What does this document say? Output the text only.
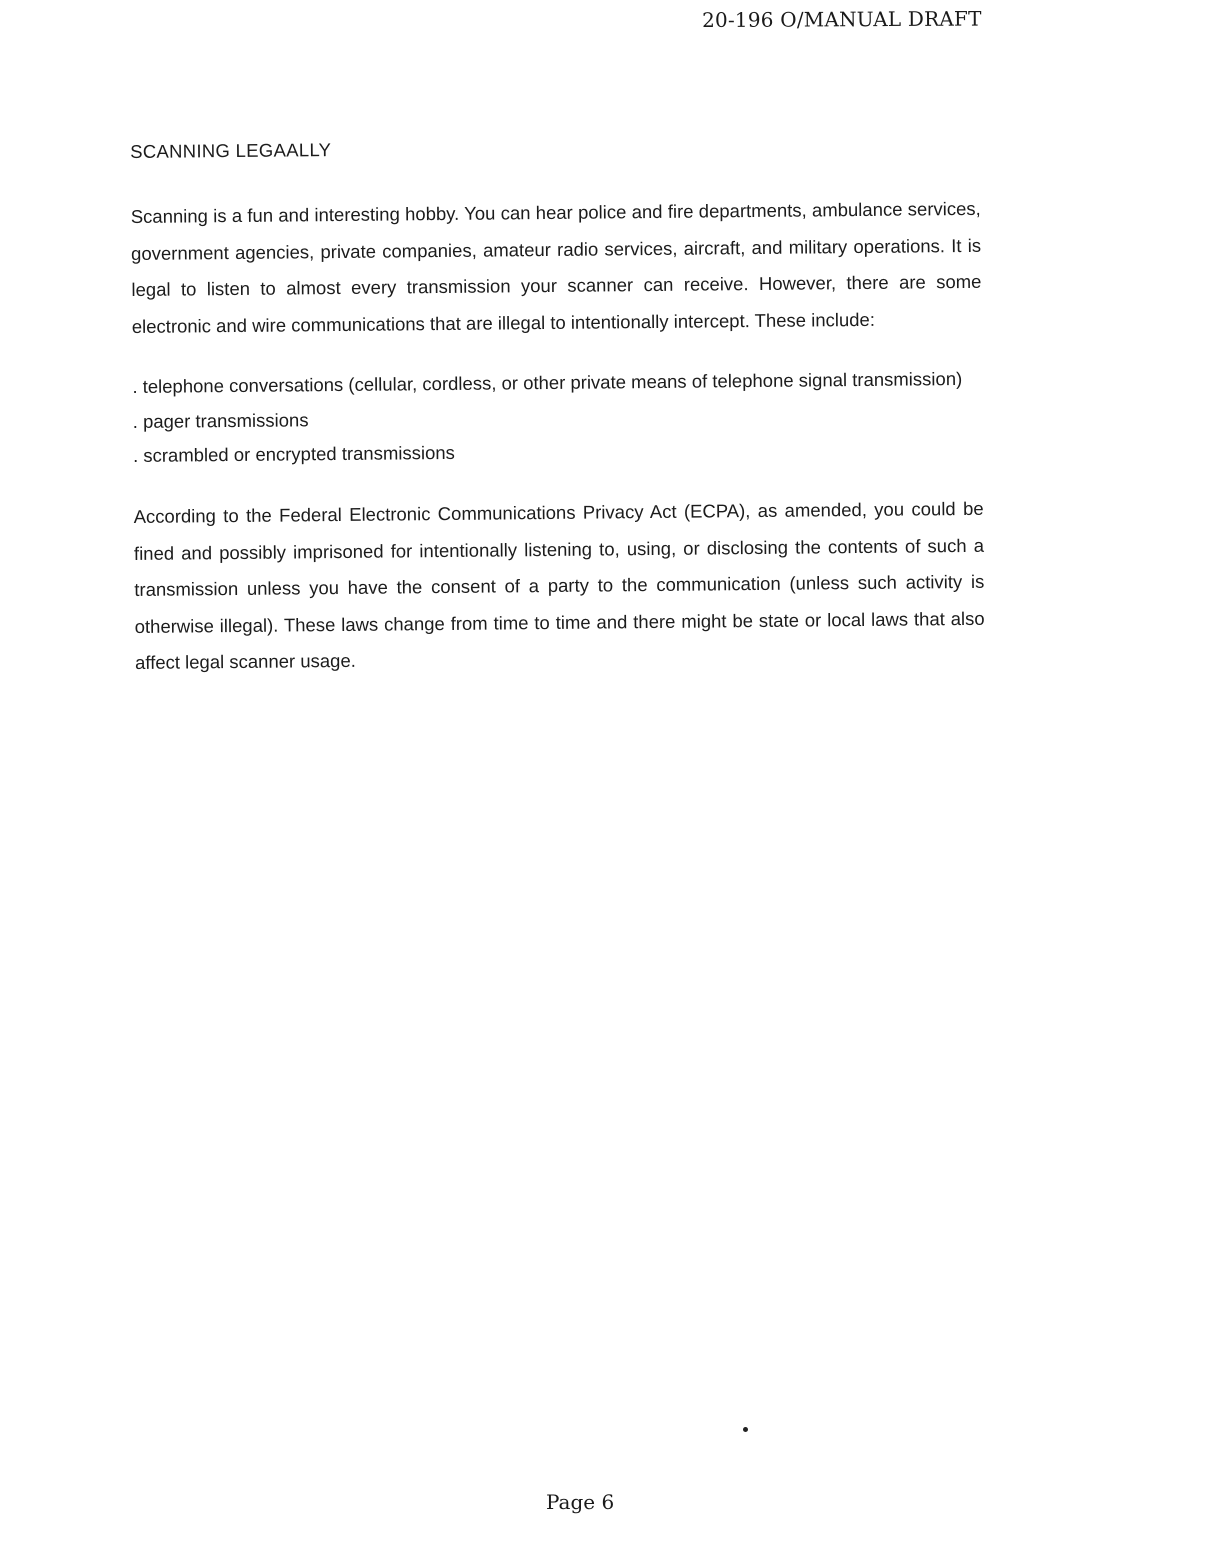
20-196 O/MANUAL DRAFT
SCANNING LEGAALLY

Scanning is a fun and interesting hobby. You can hear police and fire departments, ambulance services, government agencies, private companies, amateur radio services, aircraft, and military operations. It is legal to listen to almost every transmission your scanner can receive. However, there are some electronic and wire communications that are illegal to intentionally intercept. These include:

. telephone conversations (cellular, cordless, or other private means of telephone signal transmission)
. pager transmissions
. scrambled or encrypted transmissions

According to the Federal Electronic Communications Privacy Act (ECPA), as amended, you could be fined and possibly imprisoned for intentionally listening to, using, or disclosing the contents of such a transmission unless you have the consent of a party to the communication (unless such activity is otherwise illegal). These laws change from time to time and there might be state or local laws that also affect legal scanner usage.

Page 6
